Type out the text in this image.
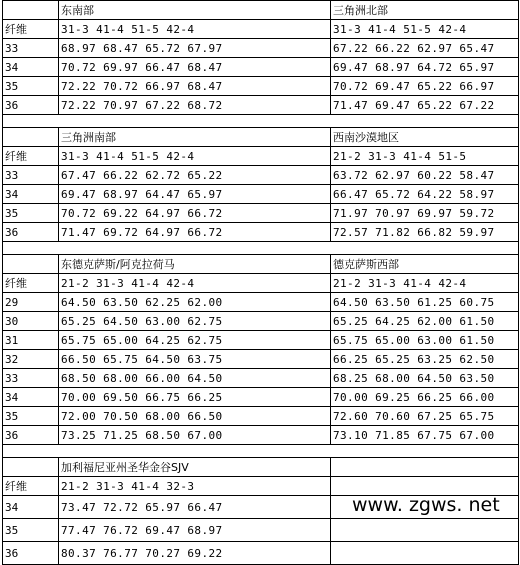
	东南部	三角洲北部
纤维	31-3 41-4 51-5 42-4	31-3 41-4 51-5 42-4
33	68.97 68.47 65.72 67.97	67.22 66.22 62.97 65.47
34	70.72 69.97 66.47 68.47	69.47 68.97 64.72 65.97
35	72.22 70.72 66.97 68.47	70.72 69.47 65.22 66.97
36	72.22 70.97 67.22 68.72	71.47 69.47 65.22 67.22

	三角洲南部	西南沙漠地区
纤维	31-3 41-4 51-5 42-4	21-2 31-3 41-4 51-5
33	67.47 66.22 62.72 65.22	63.72 62.97 60.22 58.47
34	69.47 68.97 64.47 65.97	66.47 65.72 64.22 58.97
35	70.72 69.22 64.97 66.72	71.97 70.97 69.97 59.72
36	71.47 69.72 64.97 66.72	72.57 71.82 66.82 59.97

	东德克萨斯/阿克拉荷马	德克萨斯西部
纤维	21-2 31-3 41-4 42-4	21-2 31-3 41-4 42-4
29	64.50 63.50 62.25 62.00	64.50 63.50 61.25 60.75
30	65.25 64.50 63.00 62.75	65.25 64.25 62.00 61.50
31	65.75 65.00 64.25 62.75	65.75 65.00 63.00 61.50
32	66.50 65.75 64.50 63.75	66.25 65.25 63.25 62.50
33	68.50 68.00 66.00 64.50	68.25 68.00 64.50 63.50
34	70.00 69.50 66.75 66.25	70.00 69.25 66.25 66.00
35	72.00 70.50 68.00 66.50	72.60 70.60 67.25 65.75
36	73.25 71.25 68.50 67.00	73.10 71.85 67.75 67.00

	加利福尼亚州圣华金谷SJV	
纤维	21-2 31-3 41-4 32-3	
34	73.47 72.72 65.97 66.47	
35	77.47 76.72 69.47 68.97	
36	80.37 76.77 70.27 69.22	
www. zgws. net
